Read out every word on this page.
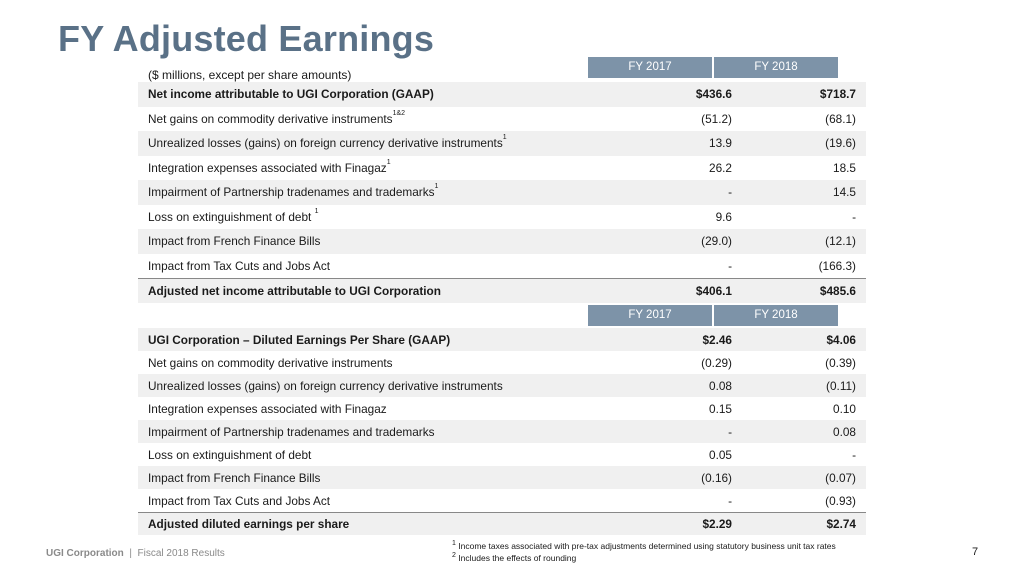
FY Adjusted Earnings
FY 2017	FY 2018
($ millions, except per share amounts)
Net income attributable to UGI Corporation (GAAP)	$436.6	$718.7
Net gains on commodity derivative instruments$^{1\&2}$	(51.2)	(68.1)
Unrealized losses (gains) on foreign currency derivative instruments$^1$	13.9	(19.6)
Integration expenses associated with Finagaz$^1$	26.2	18.5
Impairment of Partnership tradenames and trademarks$^1$	-	14.5
Loss on extinguishment of debt $^1$	9.6	-
Impact from French Finance Bills	(29.0)	(12.1)
Impact from Tax Cuts and Jobs Act	-	(166.3)
Adjusted net income attributable to UGI Corporation	$406.1	$485.6
FY 2017	FY 2018
UGI Corporation – Diluted Earnings Per Share (GAAP)	$2.46	$4.06
Net gains on commodity derivative instruments	(0.29)	(0.39)
Unrealized losses (gains) on foreign currency derivative instruments	0.08	(0.11)
Integration expenses associated with Finagaz	0.15	0.10
Impairment of Partnership tradenames and trademarks	-	0.08
Loss on extinguishment of debt	0.05	-
Impact from French Finance Bills	(0.16)	(0.07)
Impact from Tax Cuts and Jobs Act	-	(0.93)
Adjusted diluted earnings per share	$2.29	$2.74
UGI Corporation | Fiscal 2018 Results
$^1$ Income taxes associated with pre-tax adjustments determined using statutory business unit tax rates
$^2$ Includes the effects of rounding	7
